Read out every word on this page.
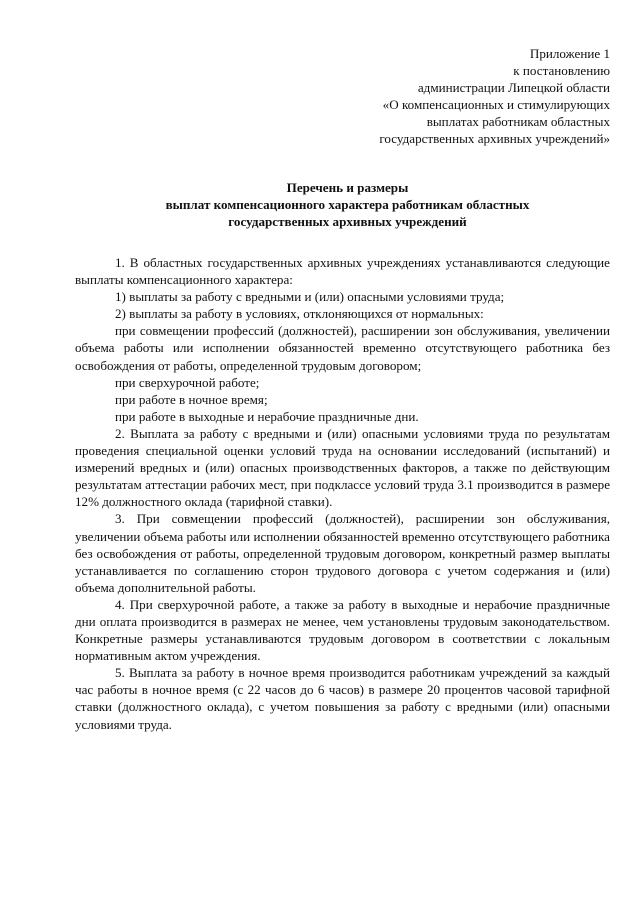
Приложение 1
к постановлению
администрации Липецкой области
«О компенсационных и стимулирующих
выплатах работникам областных
государственных архивных учреждений»
Перечень и размеры
выплат компенсационного характера работникам областных
государственных архивных учреждений

1. В областных государственных архивных учреждениях устанавливаются следующие выплаты компенсационного характера:

1) выплаты за работу с вредными и (или) опасными условиями труда;

2) выплаты за работу в условиях, отклоняющихся от нормальных:

при совмещении профессий (должностей), расширении зон обслуживания, увеличении объема работы или исполнении обязанностей временно отсутствующего работника без освобождения от работы, определенной трудовым договором;

при сверхурочной работе;

при работе в ночное время;

при работе в выходные и нерабочие праздничные дни.

2. Выплата за работу с вредными и (или) опасными условиями труда по результатам проведения специальной оценки условий труда на основании исследований (испытаний) и измерений вредных и (или) опасных производственных факторов, а также по действующим результатам аттестации рабочих мест, при подклассе условий труда 3.1 производится в размере 12% должностного оклада (тарифной ставки).

3. При совмещении профессий (должностей), расширении зон обслуживания, увеличении объема работы или исполнении обязанностей временно отсутствующего работника без освобождения от работы, определенной трудовым договором, конкретный размер выплаты устанавливается по соглашению сторон трудового договора с учетом содержания и (или) объема дополнительной работы.

4. При сверхурочной работе, а также за работу в выходные и нерабочие праздничные дни оплата производится в размерах не менее, чем установлены трудовым законодательством. Конкретные размеры устанавливаются трудовым договором в соответствии с локальным нормативным актом учреждения.

5. Выплата за работу в ночное время производится работникам учреждений за каждый час работы в ночное время (с 22 часов до 6 часов) в размере 20 процентов часовой тарифной ставки (должностного оклада), с учетом повышения за работу с вредными (или) опасными условиями труда.
